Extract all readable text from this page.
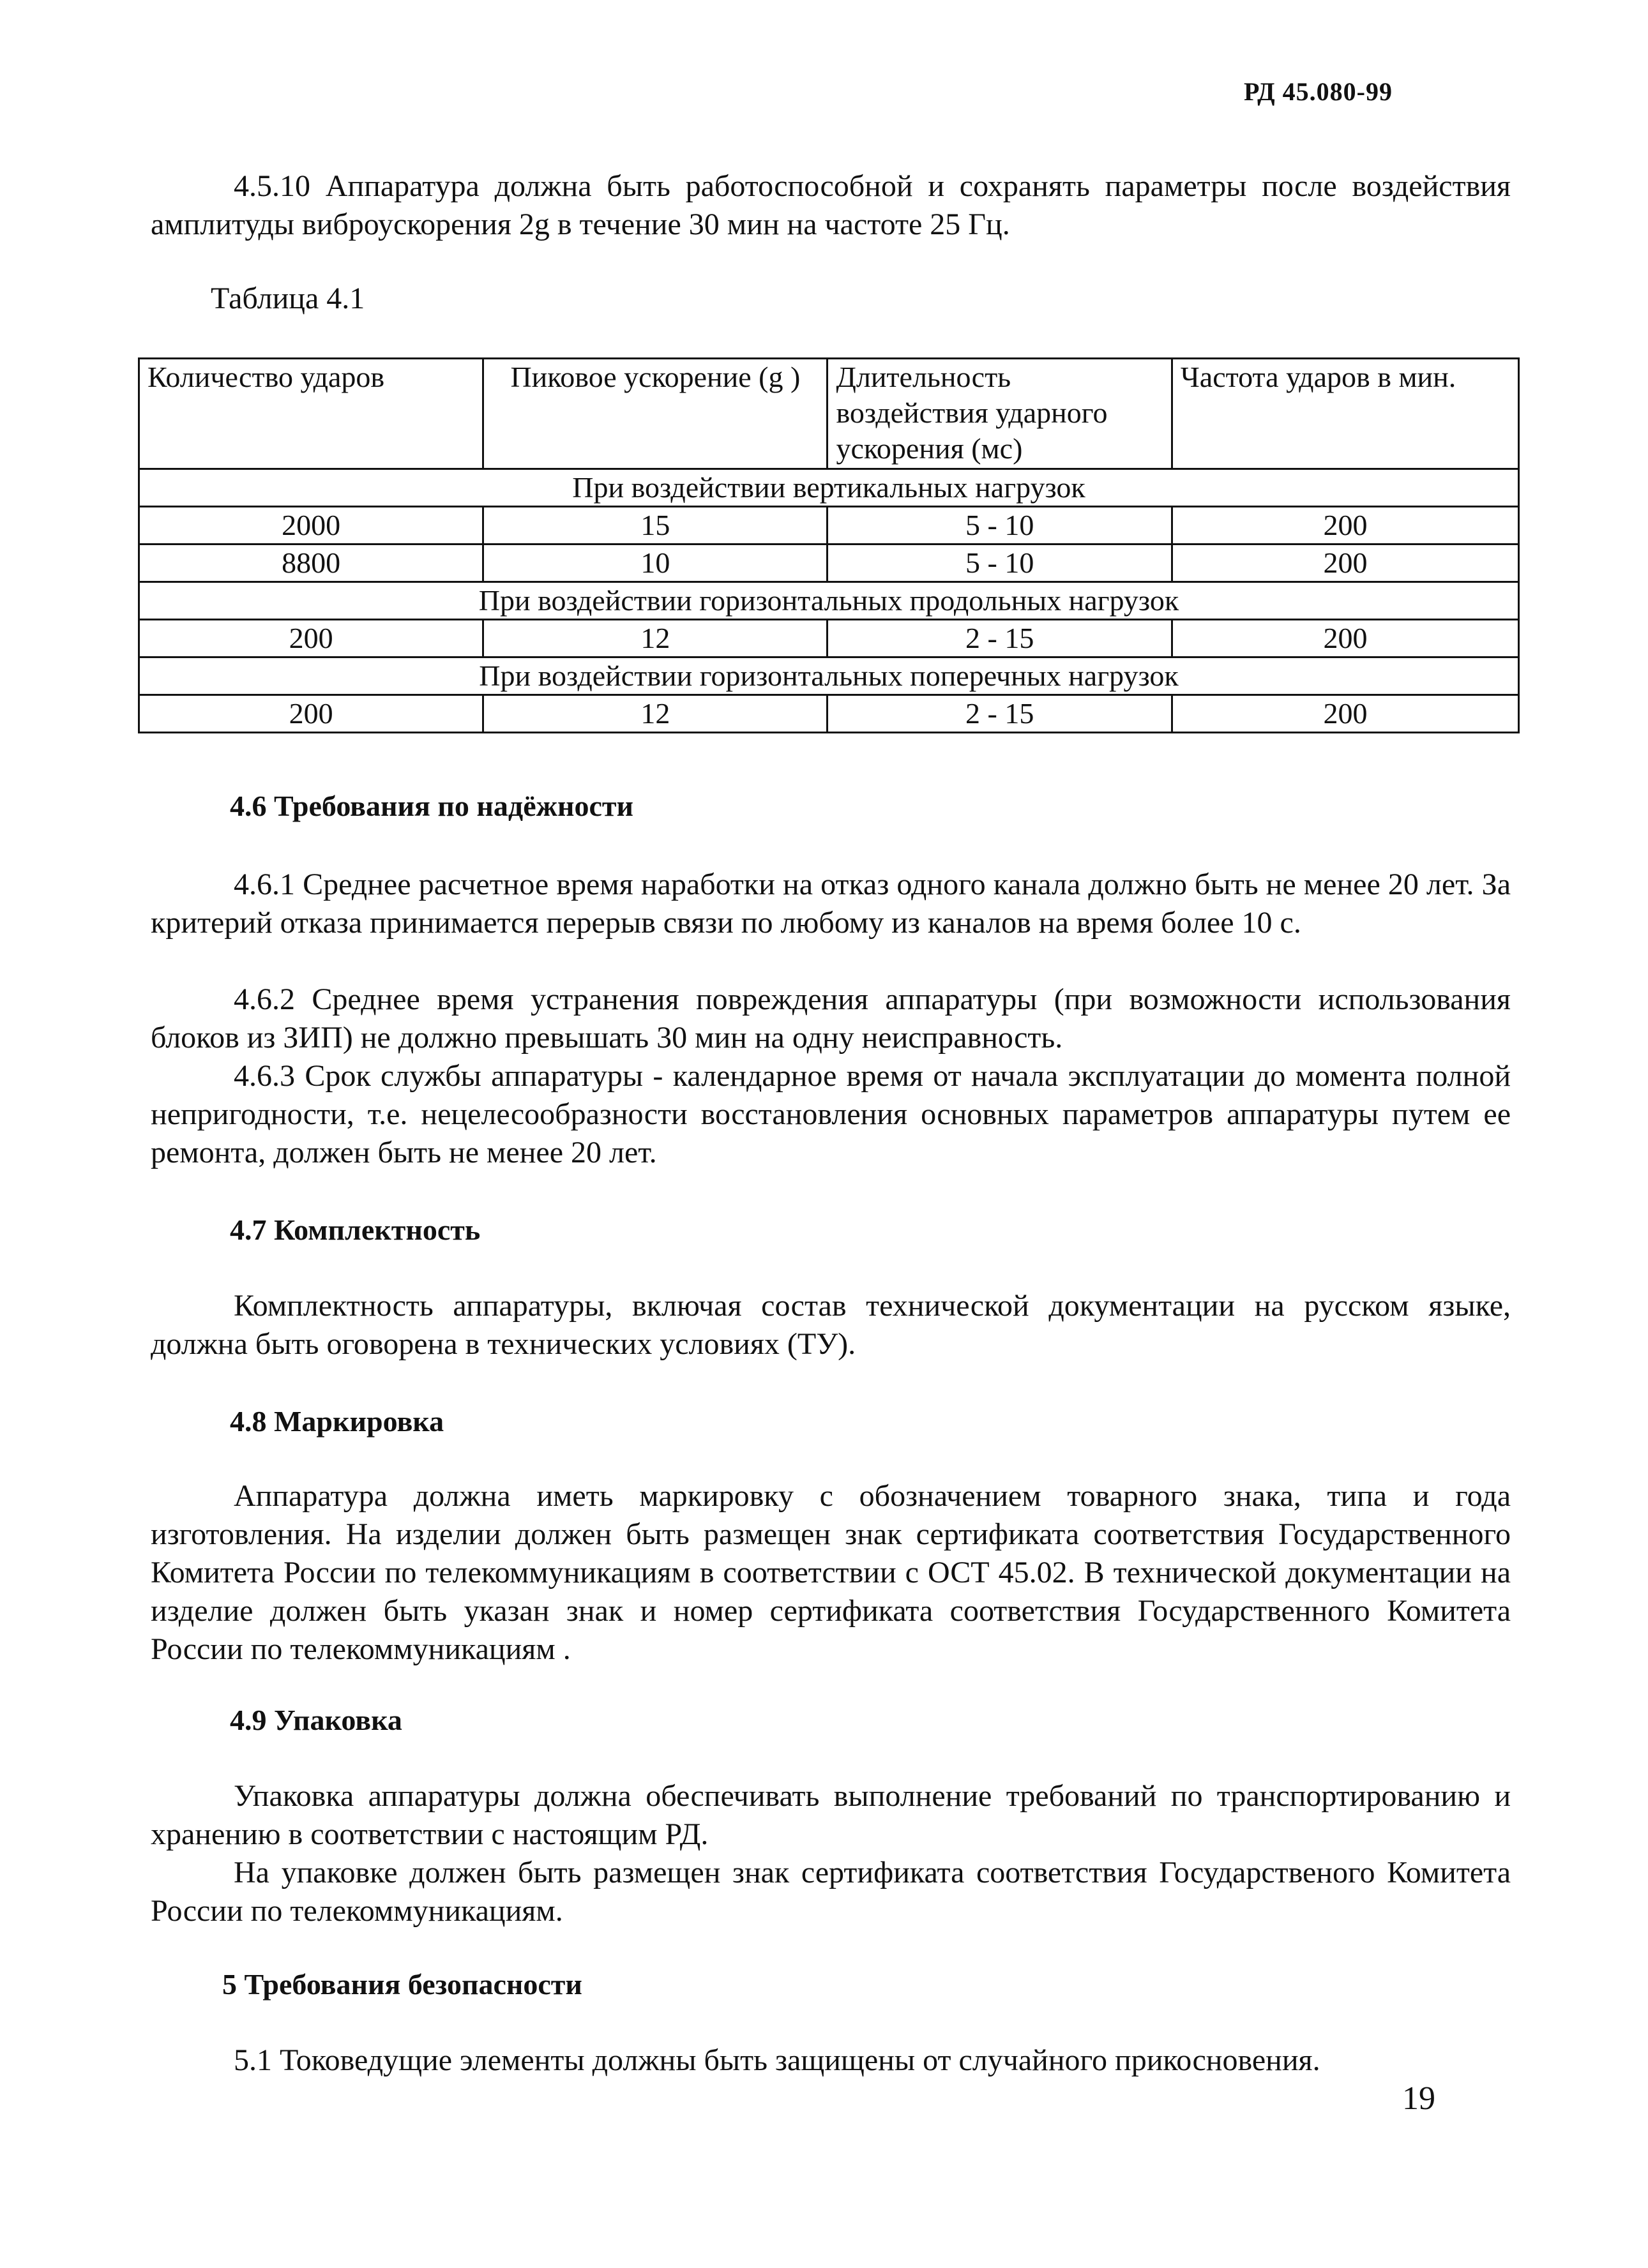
РД 45.080-99

4.5.10 Аппаратура должна быть работоспособной и сохранять параметры после воздействия амплитуды виброускорения 2g в течение 30 мин на частоте 25 Гц.

Таблица 4.1
Количество ударов	Пиковое ускорение (g )	Длительность воздействия ударного ускорения (мс)	Частота ударов в мин.
При воздействии вертикальных нагрузок			
2000	15	5 - 10	200
8800	10	5 - 10	200
При воздействии горизонтальных продольных нагрузок			
200	12	2 - 15	200
При воздействии горизонтальных поперечных нагрузок			
200	12	2 - 15	200
4.6 Требования по надёжности

4.6.1 Среднее расчетное время наработки на отказ одного канала должно быть не менее 20 лет. За критерий отказа принимается перерыв связи по любому из каналов на время более 10 с.

4.6.2 Среднее время устранения повреждения аппаратуры (при возможности использования блоков из ЗИП) не должно превышать 30 мин на одну неисправность.

4.6.3 Срок службы аппаратуры - календарное время от начала эксплуатации до момента полной непригодности, т.е. нецелесообразности восстановления основных параметров аппаратуры путем ее ремонта, должен быть не менее 20 лет.

4.7 Комплектность

Комплектность аппаратуры, включая состав технической документации на русском языке, должна быть оговорена в технических условиях (ТУ).

4.8 Маркировка

Аппаратура должна иметь маркировку с обозначением товарного знака, типа и года изготовления. На изделии должен быть размещен знак сертификата соответствия Государственного Комитета России по телекоммуникациям в соответствии с ОСТ 45.02. В технической документации на изделие должен быть указан знак и номер сертификата соответствия Государственного Комитета России по телекоммуникациям .

4.9 Упаковка

Упаковка аппаратуры должна обеспечивать выполнение требований по транспортированию и хранению в соответствии с настоящим РД.

На упаковке должен быть размещен знак сертификата соответствия Государственого Комитета России по телекоммуникациям.

5 Требования безопасности

5.1 Токоведущие элементы должны быть защищены от случайного прикосновения.

19
